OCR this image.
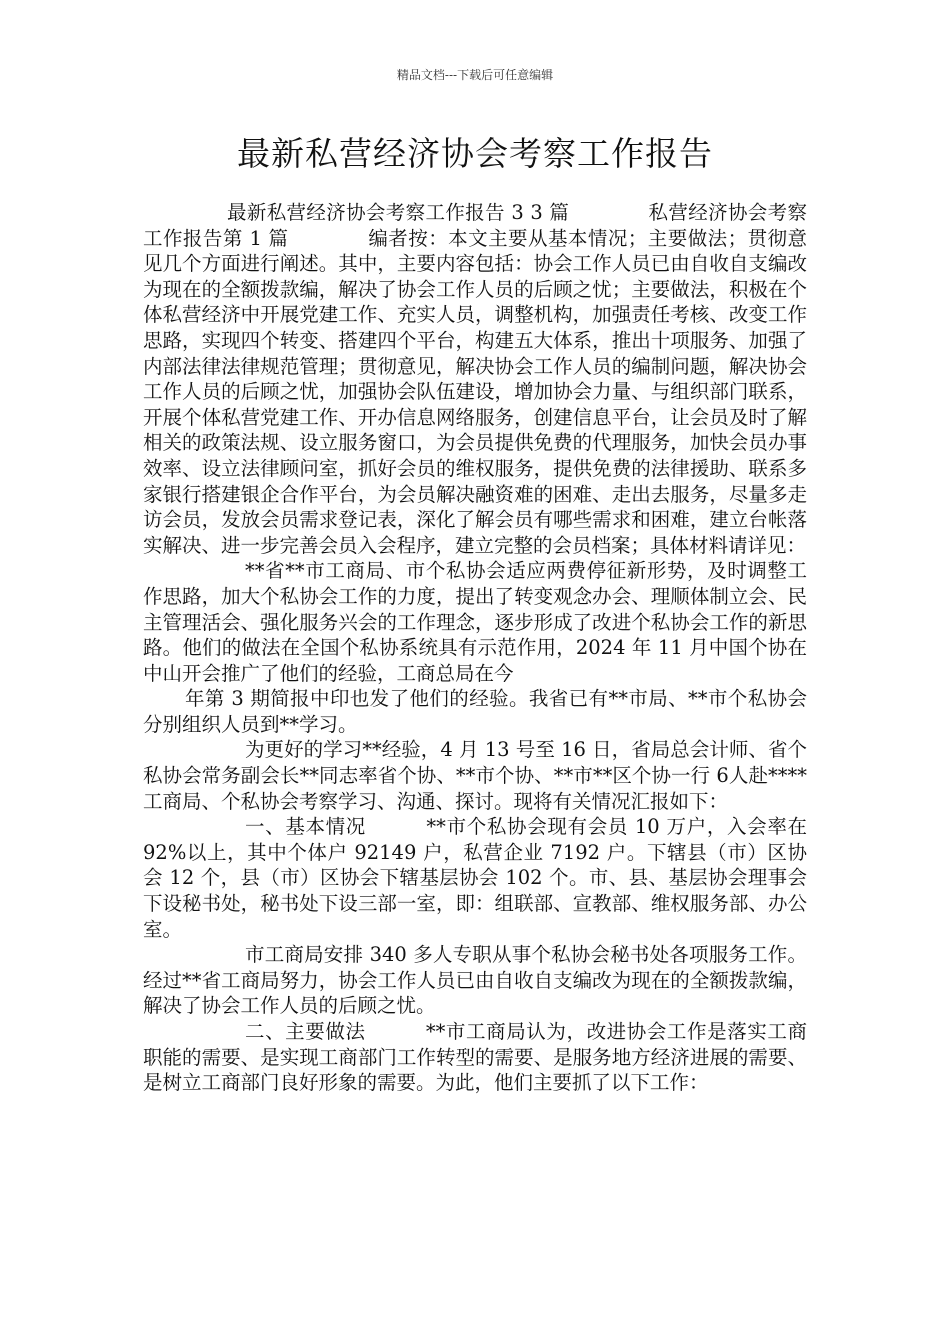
精品文档---下载后可任意编辑
最新私营经济协会考察工作报告

最新私营经济协会考察工作报告 3 3 篇　　　　私营经济协会考察工作报告第 1 篇　　　　编者按：本文主要从基本情况；主要做法；贯彻意见几个方面进行阐述。其中，主要内容包括：协会工作人员已由自收自支编改为现在的全额拨款编，解决了协会工作人员的后顾之忧；主要做法，积极在个体私营经济中开展党建工作、充实人员，调整机构，加强责任考核、改变工作思路，实现四个转变、搭建四个平台，构建五大体系，推出十项服务、加强了内部法律法律规范管理；贯彻意见，解决协会工作人员的编制问题，解决协会工作人员的后顾之忧，加强协会队伍建设，增加协会力量、与组织部门联系，开展个体私营党建工作、开办信息网络服务，创建信息平台，让会员及时了解相关的政策法规、设立服务窗口，为会员提供免费的代理服务，加快会员办事效率、设立法律顾问室，抓好会员的维权服务，提供免费的法律援助、联系多家银行搭建银企合作平台，为会员解决融资难的困难、走出去服务，尽量多走访会员，发放会员需求登记表，深化了解会员有哪些需求和困难，建立台帐落实解决、进一步完善会员入会程序，建立完整的会员档案；具体材料请详见：

**省**市工商局、市个私协会适应两费停征新形势，及时调整工作思路，加大个私协会工作的力度，提出了转变观念办会、理顺体制立会、民主管理活会、强化服务兴会的工作理念，逐步形成了改进个私协会工作的新思路。他们的做法在全国个私协系统具有示范作用，2024 年 11 月中国个协在中山开会推广了他们的经验，工商总局在今

年第 3 期简报中印也发了他们的经验。我省已有**市局、**市个私协会分别组织人员到**学习。

为更好的学习**经验，4 月 13 号至 16 日，省局总会计师、省个私协会常务副会长**同志率省个协、**市个协、**市**区个协一行 6人赴****工商局、个私协会考察学习、沟通、探讨。现将有关情况汇报如下：

一、基本情况　　　**市个私协会现有会员 10 万户，入会率在 92%以上，其中个体户 92149 户，私营企业 7192 户。下辖县（市）区协会 12 个，县（市）区协会下辖基层协会 102 个。市、县、基层协会理事会下设秘书处，秘书处下设三部一室，即：组联部、宣教部、维权服务部、办公室。

市工商局安排 340 多人专职从事个私协会秘书处各项服务工作。经过**省工商局努力，协会工作人员已由自收自支编改为现在的全额拨款编，解决了协会工作人员的后顾之忧。

二、主要做法　　　**市工商局认为，改进协会工作是落实工商职能的需要、是实现工商部门工作转型的需要、是服务地方经济进展的需要、是树立工商部门良好形象的需要。为此，他们主要抓了以下工作：
